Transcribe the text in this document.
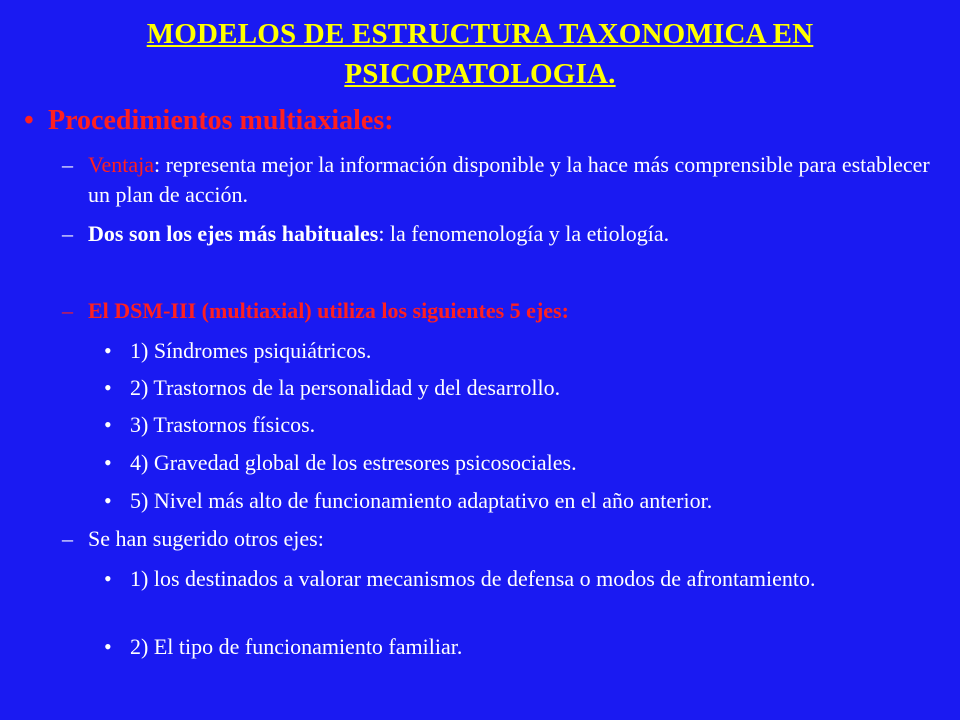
MODELOS DE ESTRUCTURA TAXONOMICA EN PSICOPATOLOGIA.
• Procedimientos multiaxiales:
– Ventaja: representa mejor la información disponible y la hace más comprensible para establecer un plan de acción.
– Dos son los ejes más habituales: la fenomenología y la etiología.
– El DSM-III (multiaxial) utiliza los siguientes 5 ejes:
• 1) Síndromes psiquiátricos.
• 2) Trastornos de la personalidad y del desarrollo.
• 3) Trastornos físicos.
• 4) Gravedad global de los estresores psicosociales.
• 5) Nivel más alto de funcionamiento adaptativo en el año anterior.
– Se han sugerido otros ejes:
• 1) los destinados a valorar mecanismos de defensa o modos de afrontamiento.
• 2) El tipo de funcionamiento familiar.
